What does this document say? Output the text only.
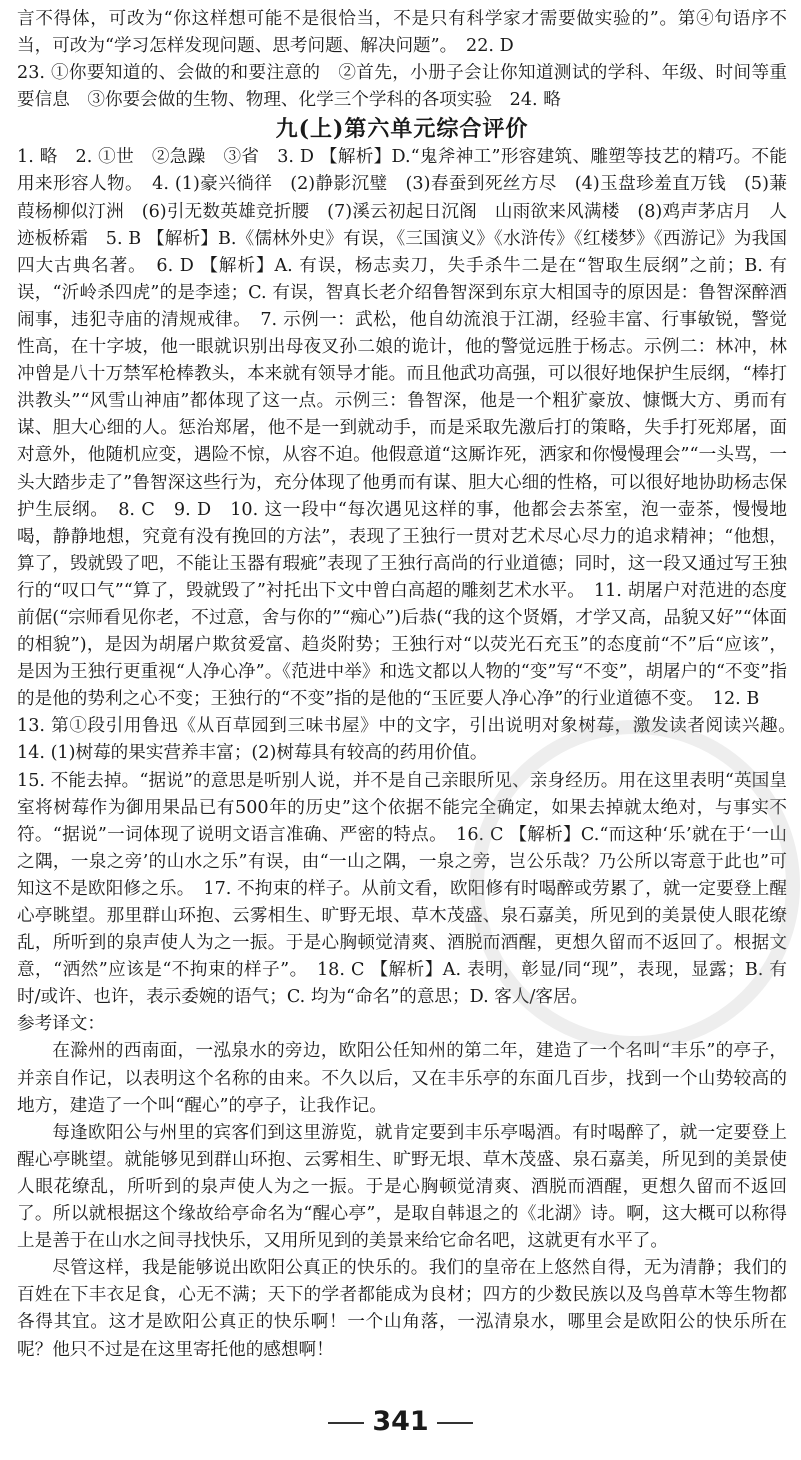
言不得体，可改为“你这样想可能不是很恰当，不是只有科学家才需要做实验的”。第④句语序不当，可改为“学习怎样发现问题、思考问题、解决问题”。　22. D

23. ①你要知道的、会做的和要注意的　②首先，小册子会让你知道测试的学科、年级、时间等重要信息　③你要会做的生物、物理、化学三个学科的各项实验　24. 略

九(上)第六单元综合评价

1. 略　2. ①世　②急躁　③省　3. D 【解析】D.“鬼斧神工”形容建筑、雕塑等技艺的精巧。不能用来形容人物。　4. (1)豪兴徜徉　(2)静影沉璧　(3)春蚕到死丝方尽　(4)玉盘珍羞直万钱　(5)蒹葭杨柳似汀洲　(6)引无数英雄竞折腰　(7)溪云初起日沉阁　山雨欲来风满楼　(8)鸡声茅店月　人迹板桥霜　5. B 【解析】B.《儒林外史》有误，《三国演义》《水浒传》《红楼梦》《西游记》为我国四大古典名著。　6. D 【解析】A. 有误，杨志卖刀，失手杀牛二是在“智取生辰纲”之前；B. 有误，“沂岭杀四虎”的是李逵；C. 有误，智真长老介绍鲁智深到东京大相国寺的原因是：鲁智深醉酒闹事，违犯寺庙的清规戒律。　7. 示例一：武松，他自幼流浪于江湖，经验丰富、行事敏锐，警觉性高，在十字坡，他一眼就识别出母夜叉孙二娘的诡计，他的警觉远胜于杨志。示例二：林冲，林冲曾是八十万禁军枪棒教头，本来就有领导才能。而且他武功高强，可以很好地保护生辰纲，“棒打洪教头”“风雪山神庙”都体现了这一点。示例三：鲁智深，他是一个粗犷豪放、慷慨大方、勇而有谋、胆大心细的人。惩治郑屠，他不是一到就动手，而是采取先激后打的策略，失手打死郑屠，面对意外，他随机应变，遇险不惊，从容不迫。他假意道“这厮诈死，洒家和你慢慢理会”“一头骂，一头大踏步走了”鲁智深这些行为，充分体现了他勇而有谋、胆大心细的性格，可以很好地协助杨志保护生辰纲。　8. C　9. D　10. 这一段中“每次遇见这样的事，他都会去茶室，泡一壶茶，慢慢地喝，静静地想，究竟有没有挽回的方法”，表现了王独行一贯对艺术尽心尽力的追求精神；“他想，算了，毁就毁了吧，不能让玉器有瑕疵”表现了王独行高尚的行业道德；同时，这一段又通过写王独行的“叹口气”“算了，毁就毁了”衬托出下文中曾白高超的雕刻艺术水平。　11. 胡屠户对范进的态度前倨(“宗师看见你老，不过意，舍与你的”“痴心”)后恭(“我的这个贤婿，才学又高，品貌又好”“体面的相貌”)，是因为胡屠户欺贫爱富、趋炎附势；王独行对“以荧光石充玉”的态度前“不”后“应该”，是因为王独行更重视“人净心净”。《范进中举》和选文都以人物的“变”写“不变”，胡屠户的“不变”指的是他的势利之心不变；王独行的“不变”指的是他的“玉匠要人净心净”的行业道德不变。　12. B

13. 第①段引用鲁迅《从百草园到三味书屋》中的文字，引出说明对象树莓，激发读者阅读兴趣。　14. (1)树莓的果实营养丰富；(2)树莓具有较高的药用价值。

15. 不能去掉。“据说”的意思是听别人说，并不是自己亲眼所见、亲身经历。用在这里表明“英国皇室将树莓作为御用果品已有500年的历史”这个依据不能完全确定，如果去掉就太绝对，与事实不符。“据说”一词体现了说明文语言准确、严密的特点。　16. C 【解析】C.“而这种‘乐’就在于‘一山之隅，一泉之旁’的山水之乐”有误，由“一山之隅，一泉之旁，岂公乐哉？乃公所以寄意于此也”可知这不是欧阳修之乐。　17. 不拘束的样子。从前文看，欧阳修有时喝醉或劳累了，就一定要登上醒心亭眺望。那里群山环抱、云雾相生、旷野无垠、草木茂盛、泉石嘉美，所见到的美景使人眼花缭乱，所听到的泉声使人为之一振。于是心胸顿觉清爽、酒脱而酒醒，更想久留而不返回了。根据文意，“洒然”应该是“不拘束的样子”。　18. C 【解析】A. 表明，彰显/同“现”，表现，显露；B. 有时/或许、也许，表示委婉的语气；C. 均为“命名”的意思；D. 客人/客居。

参考译文：

在滁州的西南面，一泓泉水的旁边，欧阳公任知州的第二年，建造了一个名叫“丰乐”的亭子，并亲自作记，以表明这个名称的由来。不久以后，又在丰乐亭的东面几百步，找到一个山势较高的地方，建造了一个叫“醒心”的亭子，让我作记。

每逢欧阳公与州里的宾客们到这里游览，就肯定要到丰乐亭喝酒。有时喝醉了，就一定要登上醒心亭眺望。就能够见到群山环抱、云雾相生、旷野无垠、草木茂盛、泉石嘉美，所见到的美景使人眼花缭乱，所听到的泉声使人为之一振。于是心胸顿觉清爽、酒脱而酒醒，更想久留而不返回了。所以就根据这个缘故给亭命名为“醒心亭”，是取自韩退之的《北湖》诗。啊，这大概可以称得上是善于在山水之间寻找快乐，又用所见到的美景来给它命名吧，这就更有水平了。

尽管这样，我是能够说出欧阳公真正的快乐的。我们的皇帝在上悠然自得，无为清静；我们的百姓在下丰衣足食，心无不满；天下的学者都能成为良材；四方的少数民族以及鸟兽草木等生物都各得其宜。这才是欧阳公真正的快乐啊！一个山角落，一泓清泉水，哪里会是欧阳公的快乐所在呢？他只不过是在这里寄托他的感想啊！

341
